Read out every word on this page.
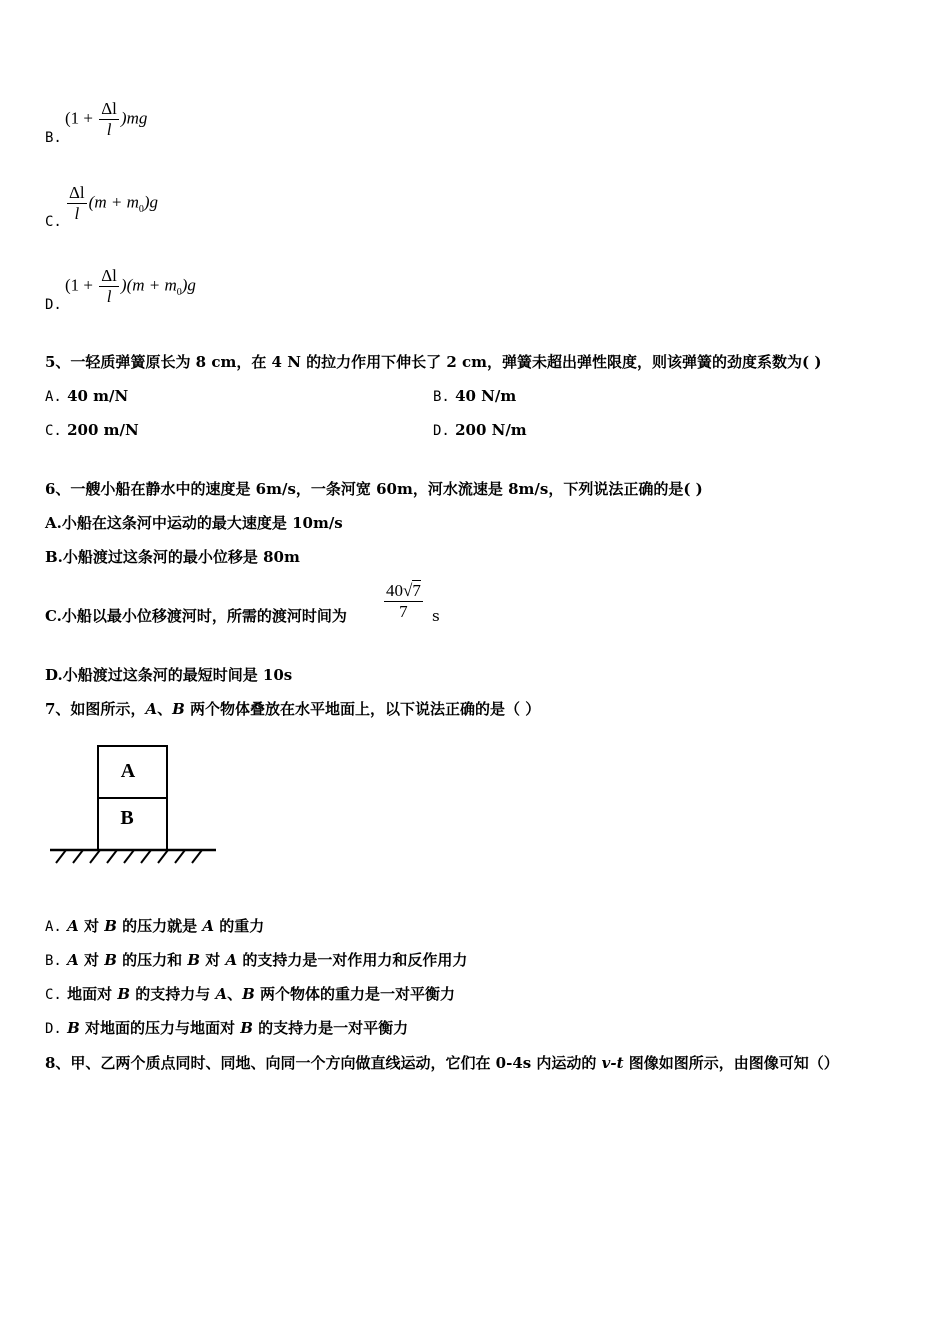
B.
$(1 + \frac{\Delta l}{l} )mg$
C. $\frac{\Delta l}{l} (m + m_0)g$
D.
$(1 + \frac{\Delta l}{l} )(m + m_0)g$
5、一轻质弹簧原长为 8 cm，在 4 N 的拉力作用下伸长了 2 cm，弹簧未超出弹性限度，则该弹簧的劲度系数为( )
A. 40 m/N	B. 40 N/m
C. 200 m/N	D. 200 N/m
6、一艘小船在静水中的速度是 6m/s，一条河宽 60m，河水流速是 8m/s，下列说法正确的是( )
A.小船在这条河中运动的最大速度是 10m/s
B.小船渡过这条河的最小位移是 80m
C.小船以最小位移渡河时，所需的渡河时间为 $\frac{40√7}{7}$ s
D.小船渡过这条河的最短时间是 10s
7、如图所示，A、B 两个物体叠放在水平地面上，以下说法正确的是（ ）
A
B
A. A 对 B 的压力就是 A 的重力
B. A 对 B 的压力和 B 对 A 的支持力是一对作用力和反作用力
C. 地面对 B 的支持力与 A、B 两个物体的重力是一对平衡力
D. B 对地面的压力与地面对 B 的支持力是一对平衡力
8、甲、乙两个质点同时、同地、向同一个方向做直线运动，它们在 0-4s 内运动的 v-t 图像如图所示，由图像可知（）
